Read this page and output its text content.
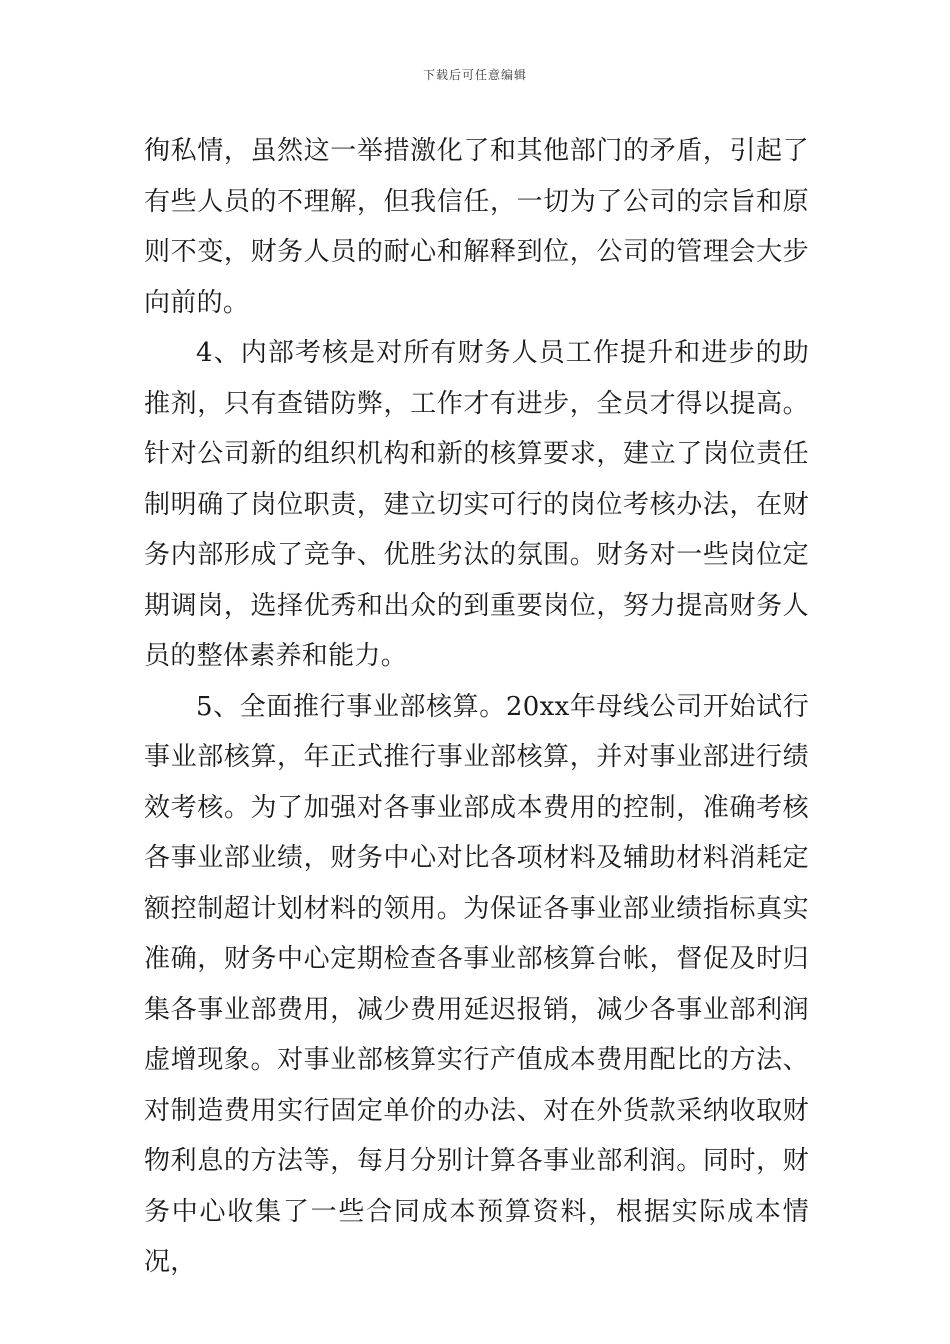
下载后可任意编辑

徇私情，虽然这一举措激化了和其他部门的矛盾，引起了有些人员的不理解，但我信任，一切为了公司的宗旨和原则不变，财务人员的耐心和解释到位，公司的管理会大步向前的。

4、内部考核是对所有财务人员工作提升和进步的助推剂，只有查错防弊，工作才有进步，全员才得以提高。针对公司新的组织机构和新的核算要求，建立了岗位责任制明确了岗位职责，建立切实可行的岗位考核办法，在财务内部形成了竞争、优胜劣汰的氛围。财务对一些岗位定期调岗，选择优秀和出众的到重要岗位，努力提高财务人员的整体素养和能力。

5、全面推行事业部核算。20xx年母线公司开始试行事业部核算，年正式推行事业部核算，并对事业部进行绩效考核。为了加强对各事业部成本费用的控制，准确考核各事业部业绩，财务中心对比各项材料及辅助材料消耗定额控制超计划材料的领用。为保证各事业部业绩指标真实准确，财务中心定期检查各事业部核算台帐，督促及时归集各事业部费用，减少费用延迟报销，减少各事业部利润虚增现象。对事业部核算实行产值成本费用配比的方法、对制造费用实行固定单价的办法、对在外货款采纳收取财物利息的方法等，每月分别计算各事业部利润。同时，财务中心收集了一些合同成本预算资料，根据实际成本情况，
